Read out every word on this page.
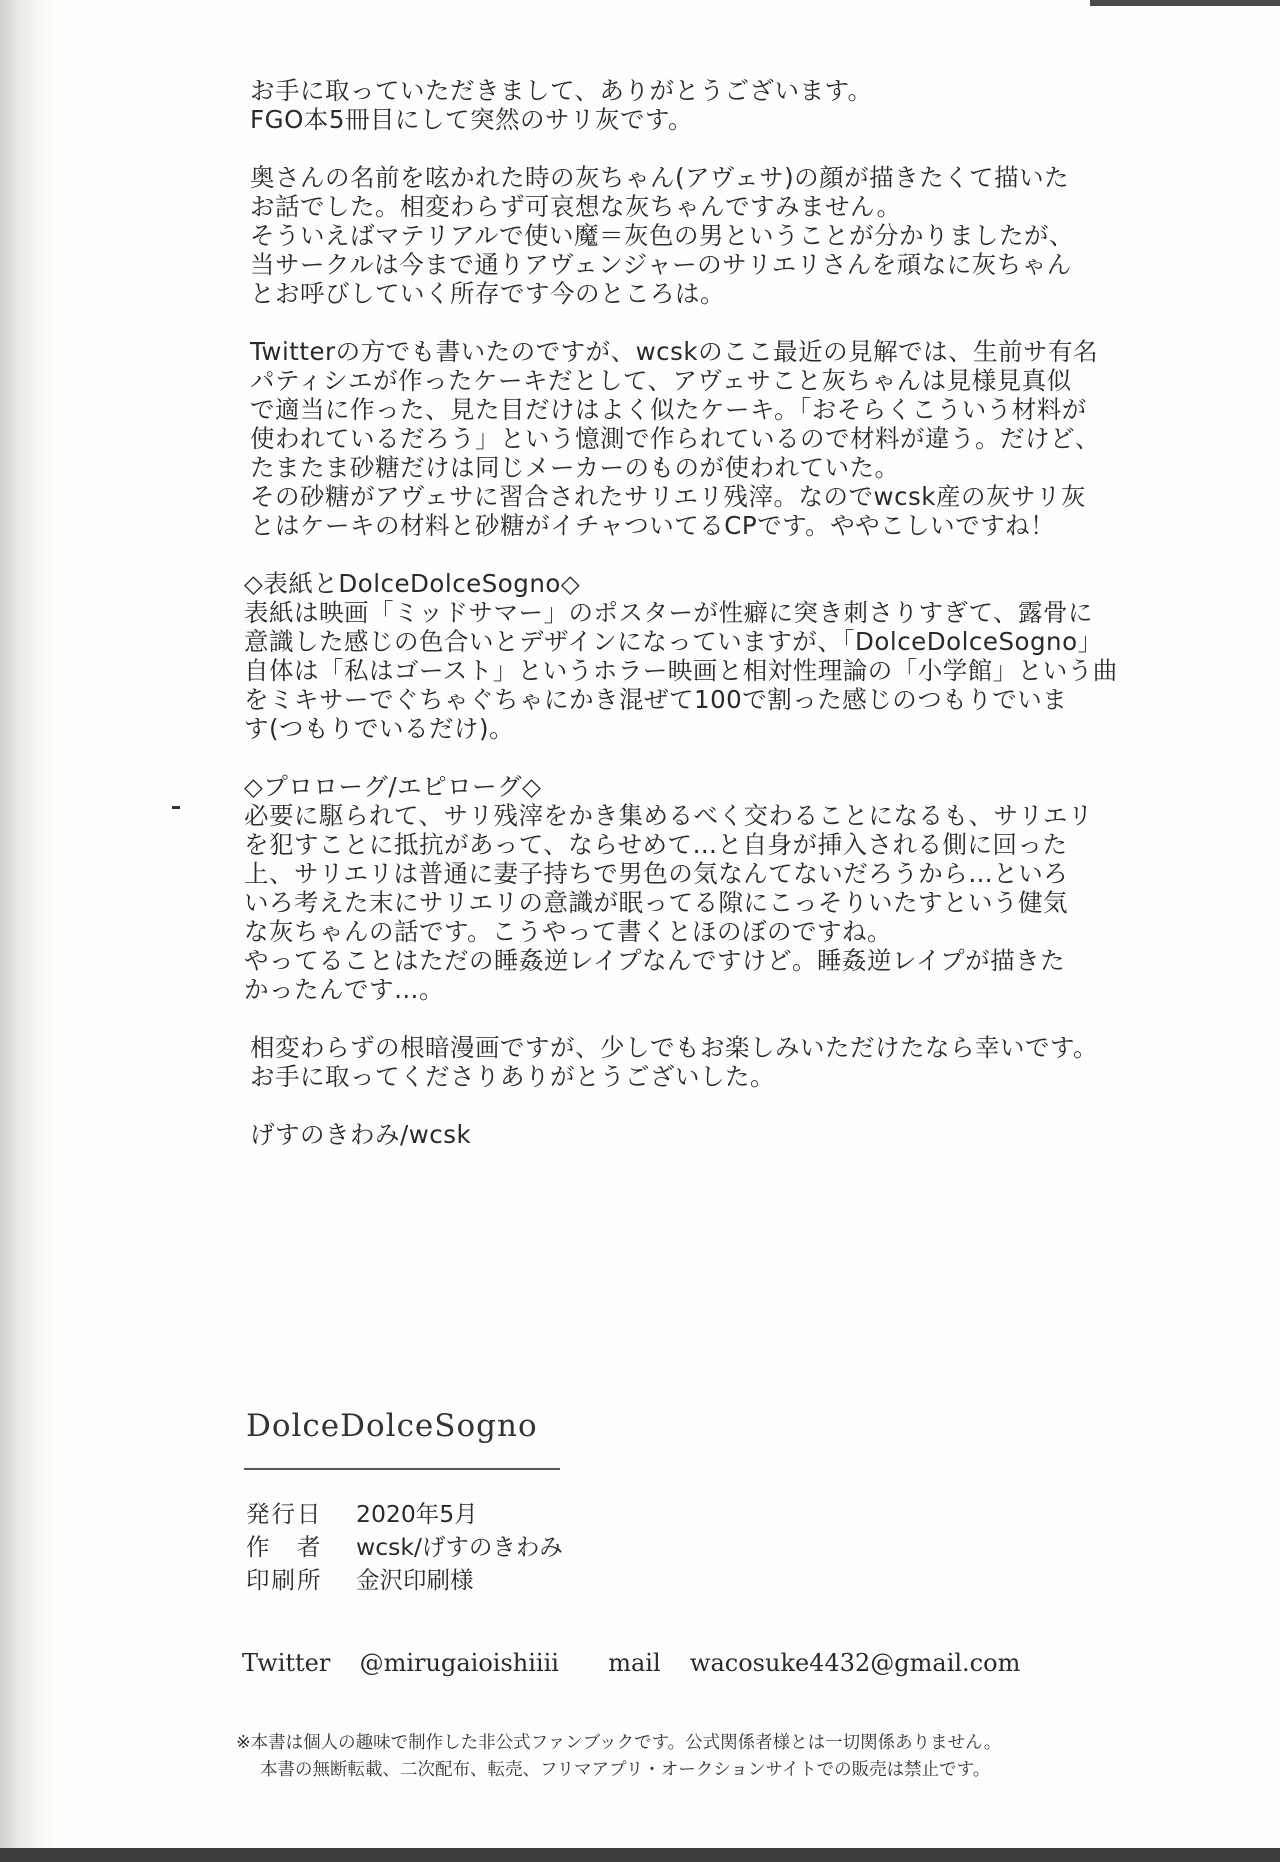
お手に取っていただきまして、ありがとうございます。
FGO本5冊目にして突然のサリ灰です。

奥さんの名前を呟かれた時の灰ちゃん(アヴェサ)の顔が描きたくて描いた
お話でした。相変わらず可哀想な灰ちゃんですみません。
そういえばマテリアルで使い魔＝灰色の男ということが分かりましたが、
当サークルは今まで通りアヴェンジャーのサリエリさんを頑なに灰ちゃん
とお呼びしていく所存です今のところは。

Twitterの方でも書いたのですが、wcskのここ最近の見解では、生前サ有名
パティシエが作ったケーキだとして、アヴェサこと灰ちゃんは見様見真似
で適当に作った、見た目だけはよく似たケーキ。「おそらくこういう材料が
使われているだろう」という憶測で作られているので材料が違う。だけど、
たまたま砂糖だけは同じメーカーのものが使われていた。
その砂糖がアヴェサに習合されたサリエリ残滓。なのでwcsk産の灰サリ灰
とはケーキの材料と砂糖がイチャついてるCPです。ややこしいですね！

◇表紙とDolceDolceSogno◇
表紙は映画「ミッドサマー」のポスターが性癖に突き刺さりすぎて、露骨に
意識した感じの色合いとデザインになっていますが、「DolceDolceSogno」
自体は「私はゴースト」というホラー映画と相対性理論の「小学館」という曲
をミキサーでぐちゃぐちゃにかき混ぜて100で割った感じのつもりでいま
す(つもりでいるだけ)。
◇プロローグ/エピローグ◇
必要に駆られて、サリ残滓をかき集めるべく交わることになるも、サリエリ
を犯すことに抵抗があって、ならせめて…と自身が挿入される側に回った
上、サリエリは普通に妻子持ちで男色の気なんてないだろうから…といろ
いろ考えた末にサリエリの意識が眠ってる隙にこっそりいたすという健気
な灰ちゃんの話です。こうやって書くとほのぼのですね。
やってることはただの睡姦逆レイプなんですけど。睡姦逆レイプが描きた
かったんです…。

相変わらずの根暗漫画ですが、少しでもお楽しみいただけたなら幸いです。
お手に取ってくださりありがとうございした。

げすのきわみ/wcsk
DolceDolceSogno
発行日	2020年5月
作　者	wcsk/げすのきわみ
印刷所	金沢印刷様
Twitter @mirugaioishiiii mail wacosuke4432@gmail.com
※本書は個人の趣味で制作した非公式ファンブックです。公式関係者様とは一切関係ありません。
本書の無断転載、二次配布、転売、フリマアプリ・オークションサイトでの販売は禁止です。
